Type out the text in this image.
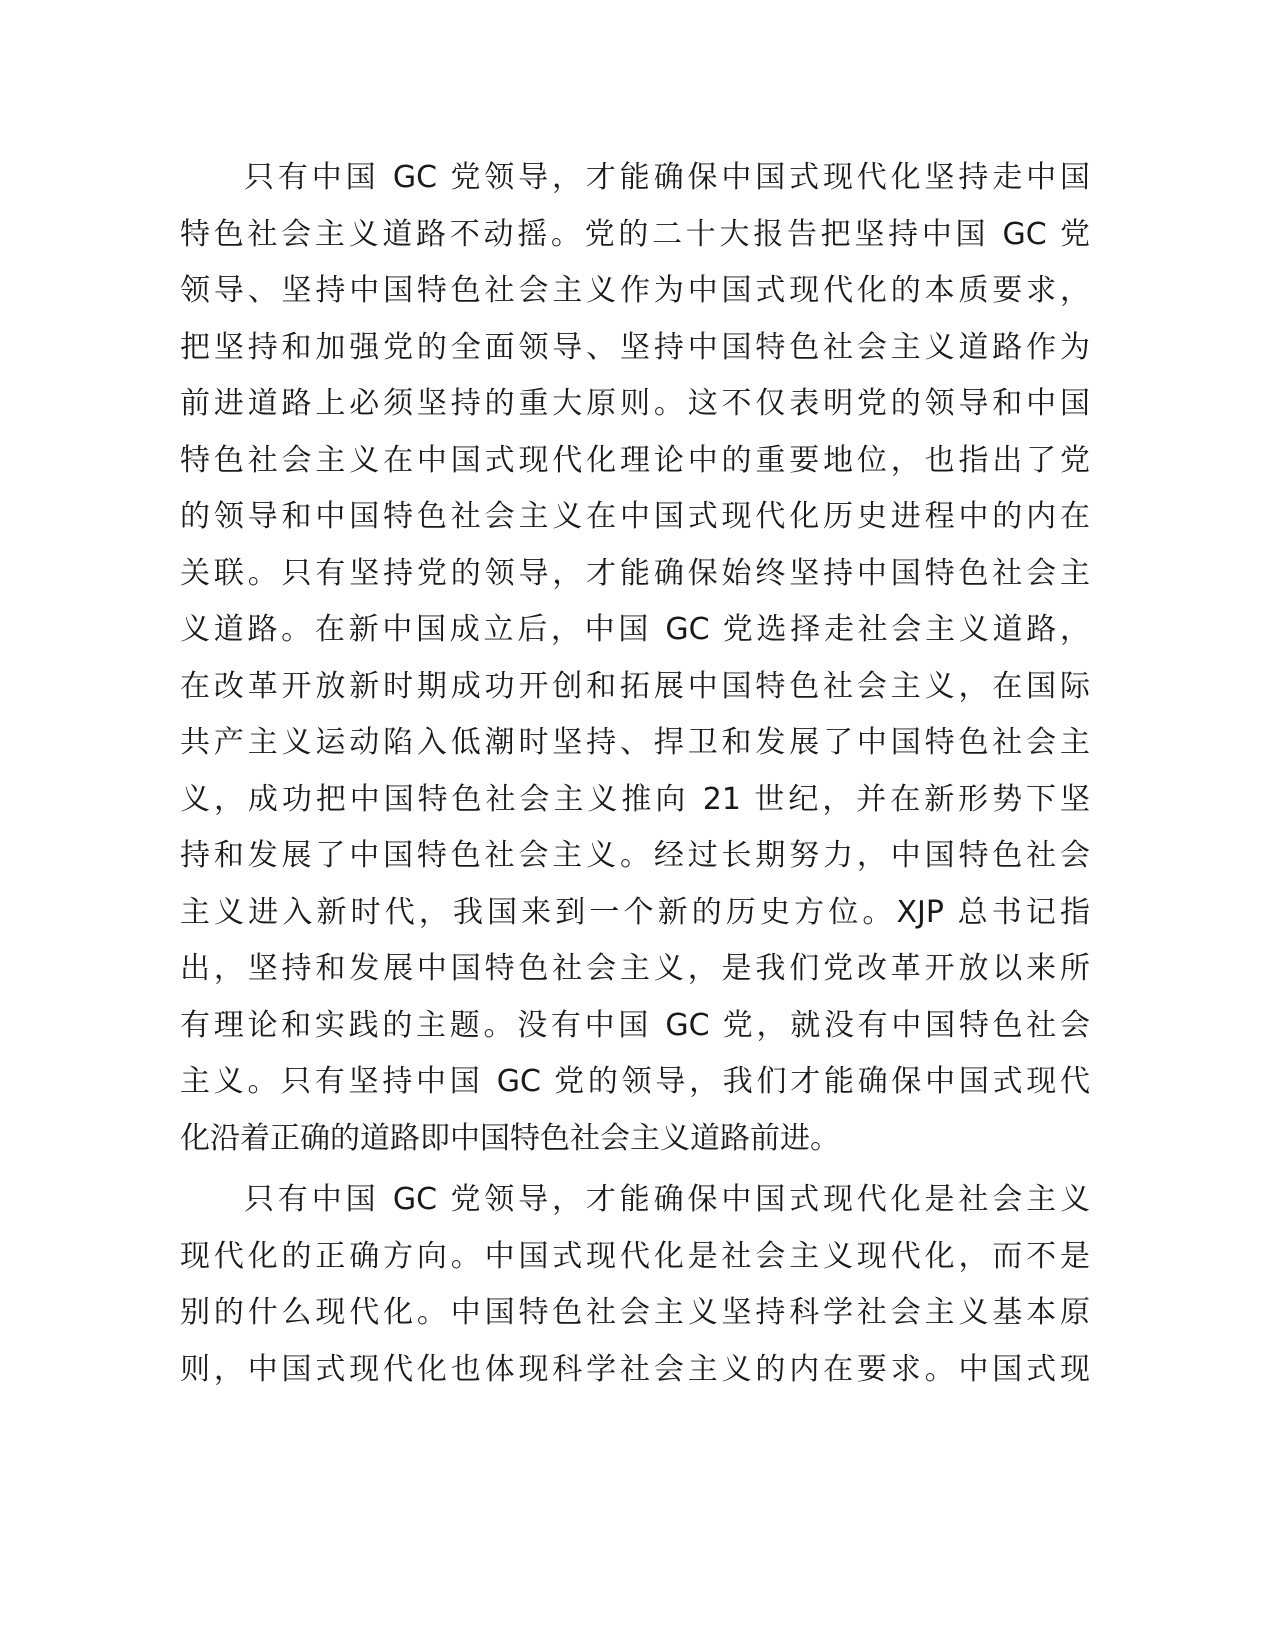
只有中国 GC 党领导，才能确保中国式现代化坚持走中国
特色社会主义道路不动摇。党的二十大报告把坚持中国 GC 党
领导、坚持中国特色社会主义作为中国式现代化的本质要求，
把坚持和加强党的全面领导、坚持中国特色社会主义道路作为
前进道路上必须坚持的重大原则。这不仅表明党的领导和中国
特色社会主义在中国式现代化理论中的重要地位，也指出了党
的领导和中国特色社会主义在中国式现代化历史进程中的内在
关联。只有坚持党的领导，才能确保始终坚持中国特色社会主
义道路。在新中国成立后，中国 GC 党选择走社会主义道路，
在改革开放新时期成功开创和拓展中国特色社会主义，在国际
共产主义运动陷入低潮时坚持、捍卫和发展了中国特色社会主
义，成功把中国特色社会主义推向 21 世纪，并在新形势下坚
持和发展了中国特色社会主义。经过长期努力，中国特色社会
主义进入新时代，我国来到一个新的历史方位。XJP 总书记指
出，坚持和发展中国特色社会主义，是我们党改革开放以来所
有理论和实践的主题。没有中国 GC 党，就没有中国特色社会
主义。只有坚持中国 GC 党的领导，我们才能确保中国式现代
化沿着正确的道路即中国特色社会主义道路前进。

只有中国 GC 党领导，才能确保中国式现代化是社会主义
现代化的正确方向。中国式现代化是社会主义现代化，而不是
别的什么现代化。中国特色社会主义坚持科学社会主义基本原
则，中国式现代化也体现科学社会主义的内在要求。中国式现
